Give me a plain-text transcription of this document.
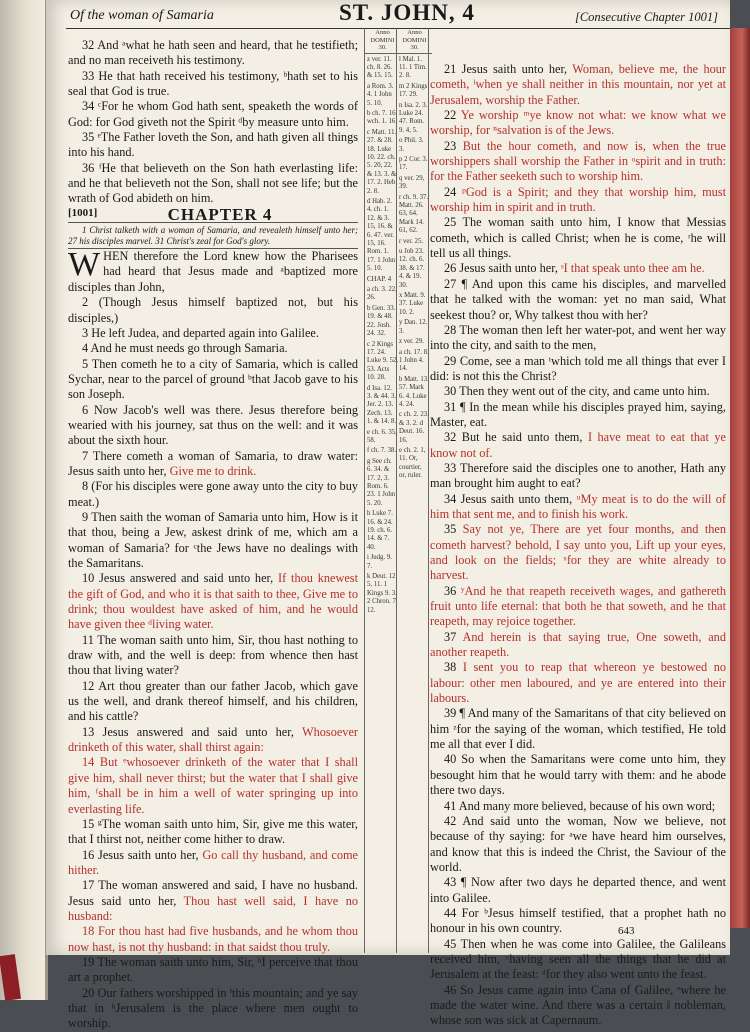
Of the woman of Samaria	ST. JOHN, 4	[Consecutive Chapter 1001]

32 And ᵃwhat he hath seen and heard, that he testifieth; and no man receiveth his testimony.

33 He that hath received his testimony, ᵇhath set to his seal that God is true.

34 ᶜFor he whom God hath sent, speaketh the words of God: for God giveth not the Spirit ᵈby measure unto him.

35 ᵉThe Father loveth the Son, and hath given all things into his hand.

36 ᶠHe that believeth on the Son hath everlasting life: and he that believeth not the Son, shall not see life; but the wrath of God abideth on him.

CHAPTER 4

[1001]

1 Christ talketh with a woman of Samaria, and revealeth himself unto her; 27 his disciples marvel. 31 Christ's zeal for God's glory.

WHEN therefore the Lord knew how the Pharisees had heard that Jesus made and ᵃbaptized more disciples than John,

2 (Though Jesus himself baptized not, but his disciples,)

3 He left Judea, and departed again into Galilee.

4 And he must needs go through Samaria.

5 Then cometh he to a city of Samaria, which is called Sychar, near to the parcel of ground ᵇthat Jacob gave to his son Joseph.

6 Now Jacob's well was there. Jesus therefore being wearied with his journey, sat thus on the well: and it was about the sixth hour.

7 There cometh a woman of Samaria, to draw water: Jesus saith unto her, Give me to drink.

8 (For his disciples were gone away unto the city to buy meat.)

9 Then saith the woman of Samaria unto him, How is it that thou, being a Jew, askest drink of me, which am a woman of Samaria? for ᶜthe Jews have no dealings with the Samaritans.

10 Jesus answered and said unto her, If thou knewest the gift of God, and who it is that saith to thee, Give me to drink; thou wouldest have asked of him, and he would have given thee ᵈliving water.

11 The woman saith unto him, Sir, thou hast nothing to draw with, and the well is deep: from whence then hast thou that living water?

12 Art thou greater than our father Jacob, which gave us the well, and drank thereof himself, and his children, and his cattle?

13 Jesus answered and said unto her, Whosoever drinketh of this water, shall thirst again:

14 But ᵉwhosoever drinketh of the water that I shall give him, shall never thirst; but the water that I shall give him, ᶠshall be in him a well of water springing up into everlasting life.

15 ᵍThe woman saith unto him, Sir, give me this water, that I thirst not, neither come hither to draw.

16 Jesus saith unto her, Go call thy husband, and come hither.

17 The woman answered and said, I have no husband. Jesus said unto her, Thou hast well said, I have no husband:

18 For thou hast had five husbands, and he whom thou now hast, is not thy husband: in that saidst thou truly.

19 The woman saith unto him, Sir, ʰI perceive that thou art a prophet.

20 Our fathers worshipped in ⁱthis mountain; and ye say that in ᵏJerusalem is the place where men ought to worship.

Anno
DOMINI
30.
z ver. 11. ch. 8. 26. & 15. 15.
a Rom. 3. 4. 1 John 5. 10.
b ch. 7. 16. wch. 1. 16.
c Matt. 11. 27. & 28. 18. Luke 10. 22. ch. 5. 20, 22. & 13. 3. & 17. 2. Heb. 2. 8.
d Hab. 2. 4. ch. 1. 12. & 3. 15, 16. & 6. 47. ver. 15, 16. Rom. 1. 17. 1 John 5. 10.
CHAP. 4
a ch. 3. 22, 26.
b Gen. 33. 19. & 48. 22. Josh. 24. 32.
c 2 Kings 17. 24. Luke 9. 52, 53. Acts 10. 28.
d Isa. 12. 3. & 44. 3. Jer. 2. 13. Zech. 13. 1. & 14. 8.
e ch. 6. 35, 58.
f ch. 7. 38.
g See ch. 6. 34. & 17. 2, 3. Rom. 6. 23. 1 John 5. 20.
h Luke 7. 16. & 24. 19. ch. 6. 14. & 7. 40.
i Judg. 9. 7.
k Deut. 12. 5, 11. 1 Kings 9. 3. 2 Chron. 7. 12.
Anno
DOMINI
30.
l Mal. 1. 11. 1 Tim. 2. 8.
m 2 Kings 17. 29.
n Isa. 2. 3. Luke 24. 47. Rom. 9. 4, 5.
o Phil. 3. 3.
p 2 Cor. 3. 17.
q ver. 29, 39.
r ch. 9. 37. Matt. 26. 63, 64. Mark 14. 61, 62.
r ver. 25.
u Job 23. 12. ch. 6. 38. & 17. 4. & 19. 30.
x Matt. 9. 37. Luke 10. 2.
y Dan. 12. 3.
z ver. 29.
a ch. 17. 8. 1 John 4. 14.
b Matt. 13. 57. Mark 6. 4. Luke 4. 24.
c ch. 2. 23. & 3. 2. d Deut. 16. 16.
e ch. 2. 1, 11. Or, courtier, or, ruler.

21 Jesus saith unto her, Woman, believe me, the hour cometh, ˡwhen ye shall neither in this mountain, nor yet at Jerusalem, worship the Father.

22 Ye worship ᵐye know not what: we know what we worship, for ⁿsalvation is of the Jews.

23 But the hour cometh, and now is, when the true worshippers shall worship the Father in ᵒspirit and in truth: for the Father seeketh such to worship him.

24 ᵖGod is a Spirit; and they that worship him, must worship him in spirit and in truth.

25 The woman saith unto him, I know that Messias cometh, which is called Christ; when he is come, ʳhe will tell us all things.

26 Jesus saith unto her, ˢI that speak unto thee am he.

27 ¶ And upon this came his disciples, and marvelled that he talked with the woman: yet no man said, What seekest thou? or, Why talkest thou with her?

28 The woman then left her water-pot, and went her way into the city, and saith to the men,

29 Come, see a man ᵗwhich told me all things that ever I did: is not this the Christ?

30 Then they went out of the city, and came unto him.

31 ¶ In the mean while his disciples prayed him, saying, Master, eat.

32 But he said unto them, I have meat to eat that ye know not of.

33 Therefore said the disciples one to another, Hath any man brought him aught to eat?

34 Jesus saith unto them, ᵘMy meat is to do the will of him that sent me, and to finish his work.

35 Say not ye, There are yet four months, and then cometh harvest? behold, I say unto you, Lift up your eyes, and look on the fields; ˣfor they are white already to harvest.

36 ʸAnd he that reapeth receiveth wages, and gathereth fruit unto life eternal: that both he that soweth, and he that reapeth, may rejoice together.

37 And herein is that saying true, One soweth, and another reapeth.

38 I sent you to reap that whereon ye bestowed no labour: other men laboured, and ye are entered into their labours.

39 ¶ And many of the Samaritans of that city believed on him ᶻfor the saying of the woman, which testified, He told me all that ever I did.

40 So when the Samaritans were come unto him, they besought him that he would tarry with them: and he abode there two days.

41 And many more believed, because of his own word;

42 And said unto the woman, Now we believe, not because of thy saying: for ᵃwe have heard him ourselves, and know that this is indeed the Christ, the Saviour of the world.

43 ¶ Now after two days he departed thence, and went into Galilee.

44 For ᵇJesus himself testified, that a prophet hath no honour in his own country.

45 Then when he was come into Galilee, the Galileans received him, ᶜhaving seen all the things that he did at Jerusalem at the feast: ᵈfor they also went unto the feast.

46 So Jesus came again into Cana of Galilee, ᵉwhere he made the water wine. And there was a certain ‖ nobleman, whose son was sick at Capernaum.

643
